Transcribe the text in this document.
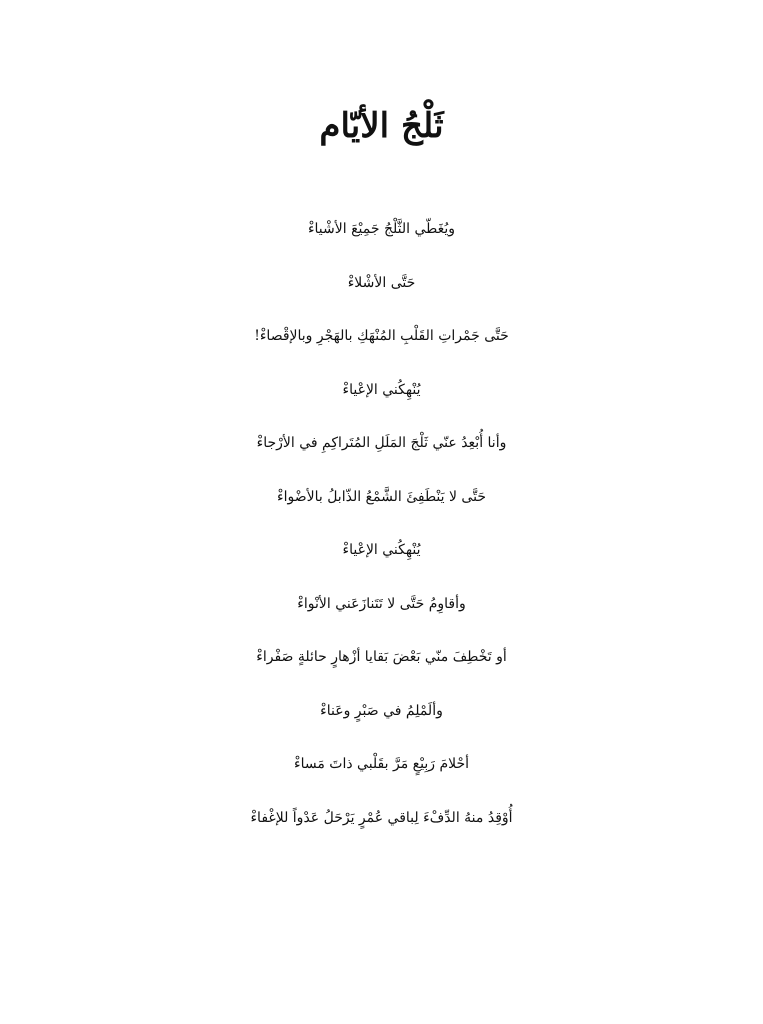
ثَلْجُ الأيّام
ويُغَطّي الثَّلْجُ جَمِيْعَ الأشْياءْ
حَتَّى الأشْلاءْ
حَتَّى جَمْراتِ القَلْبِ المُنْهَكِ بالهَجْرِ وبالإقْصاءْ!
يُنْهِكُني الإعْياءْ
وأنا أُبْعِدُ عنّي ثَلْجَ المَلَلِ المُتَراكِمِ في الأرْجاءْ
حَتَّى لا يَنْطَفِئَ الشَّمْعُ الذّابلُ بالأضْواءْ
يُنْهِكُني الإعْياءْ
وأقاوِمُ حَتَّى لا تَتَنازَعَني الأنْواءْ
أو تَخْطِفَ منّي بَعْضَ بَقايا أزْهارٍ حائلةٍ صَفْراءْ
وألَمْلِمُ في صَبْرٍ وعَناءْ
أحْلامَ رَبِيْعٍ مَرَّ بقَلْبي ذاتَ مَساءْ
أُوْقِدُ منهُ الدِّفْءَ لِباقي عُمْرٍ يَرْحَلُ عَدْواً للإغْفاءْ
